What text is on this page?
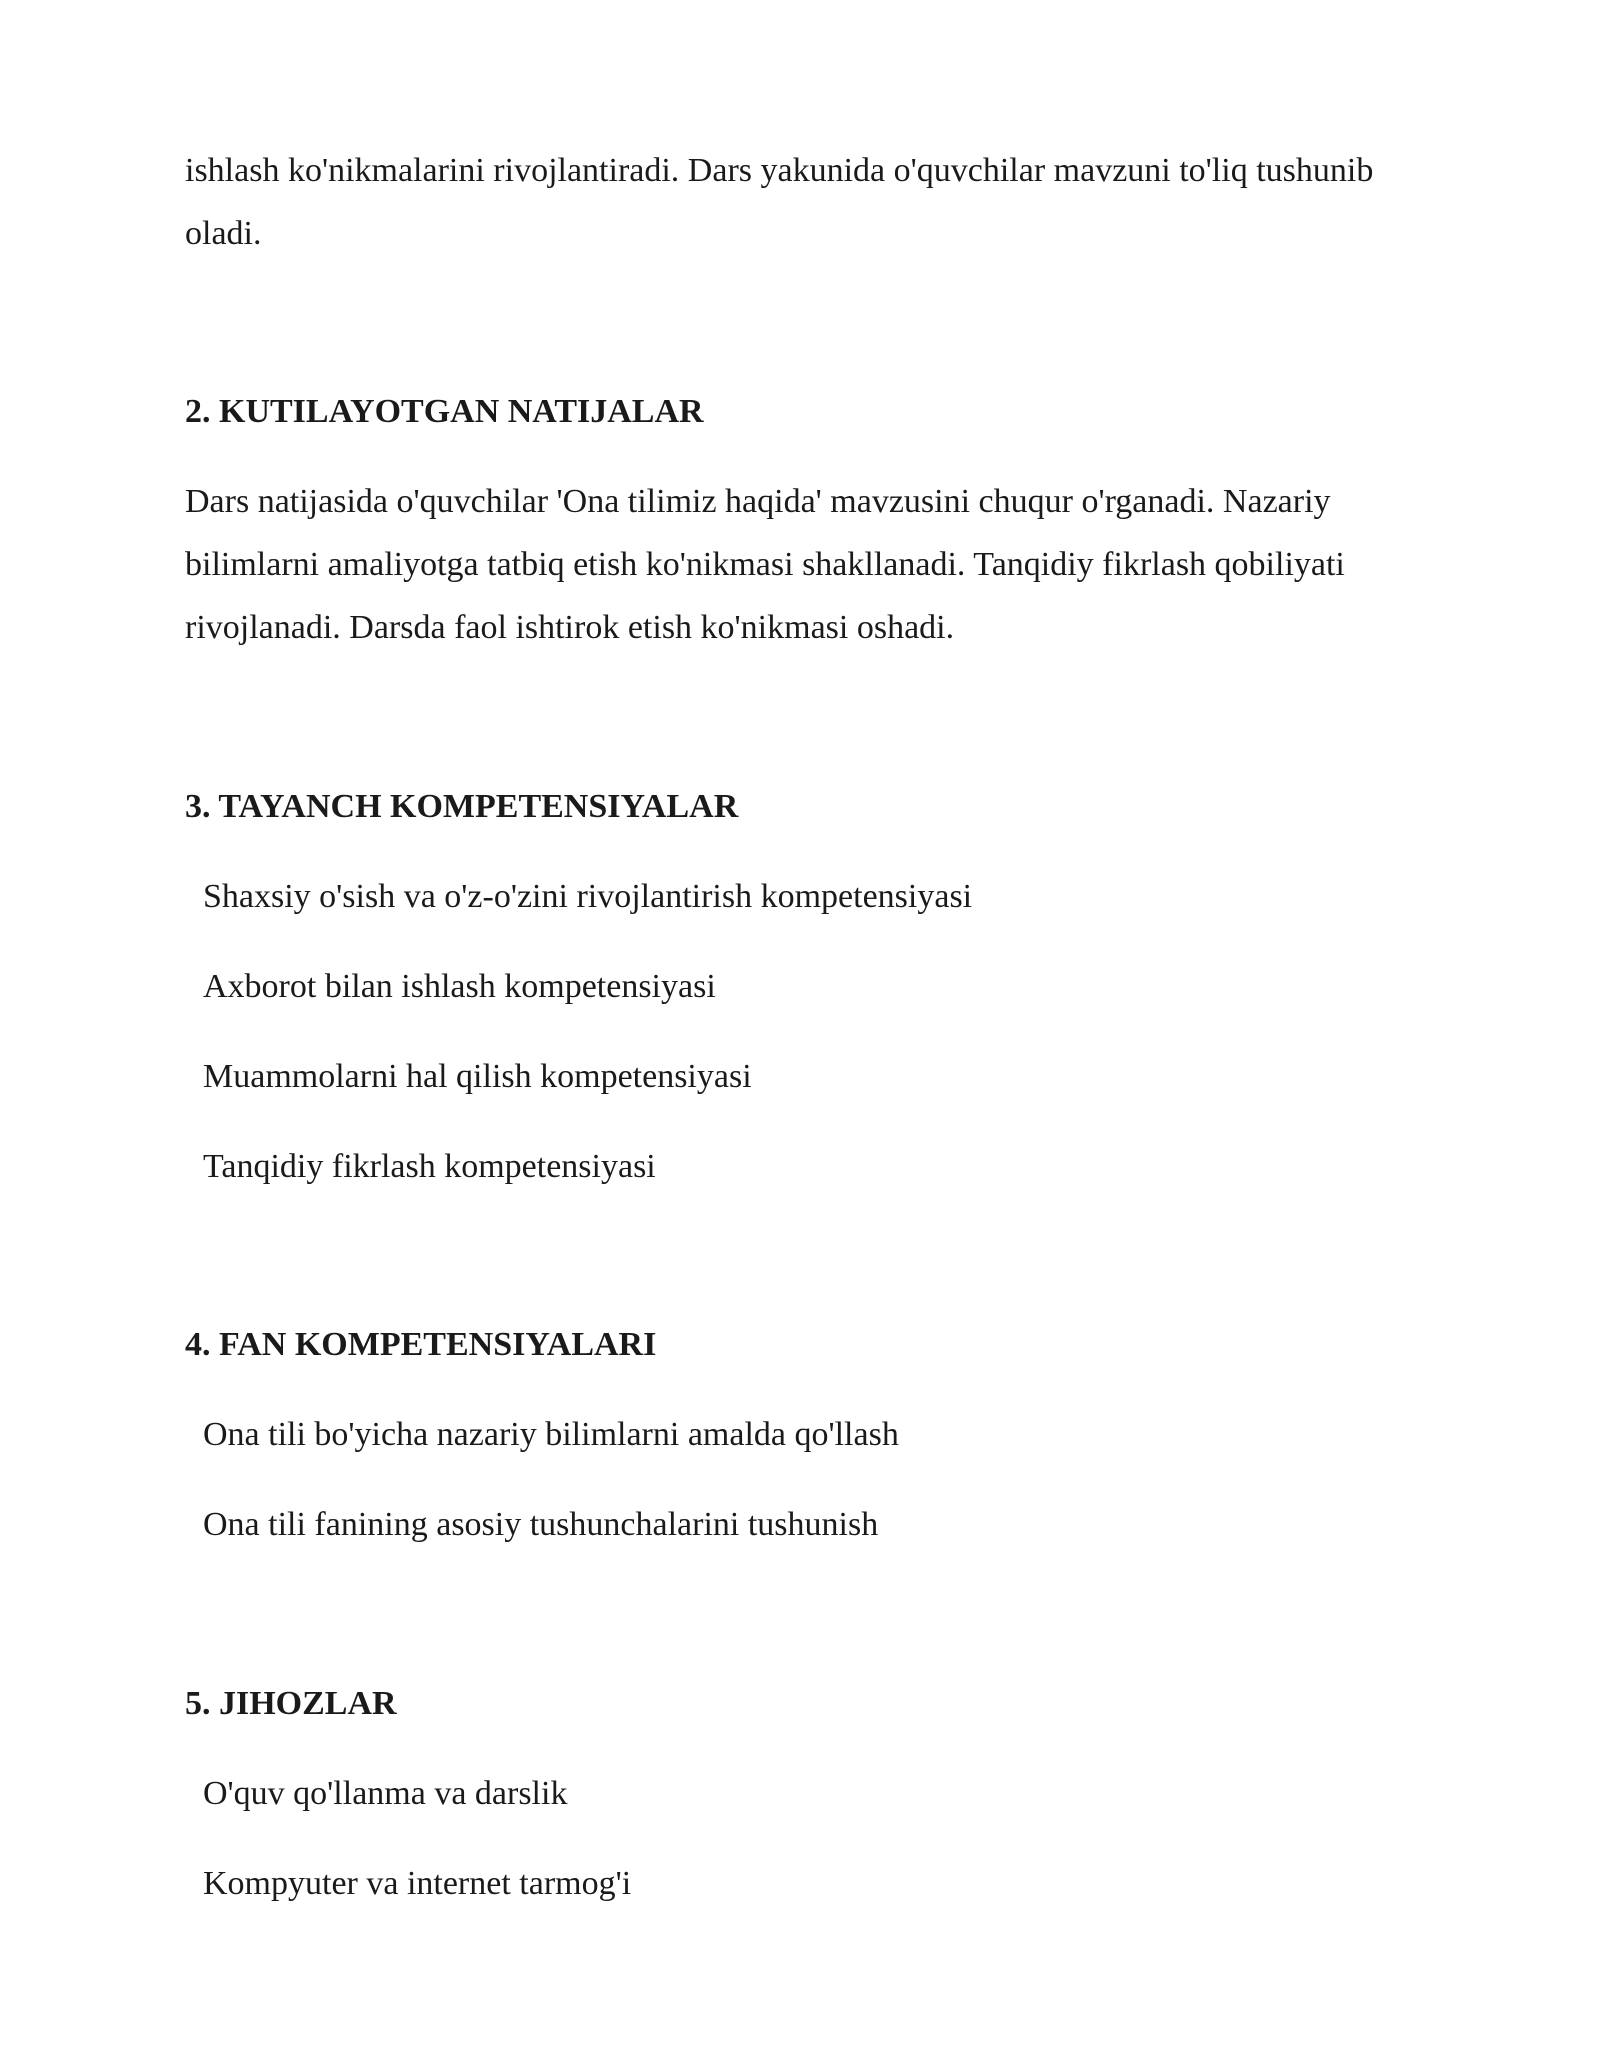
ishlash ko'nikmalarini rivojlantiradi. Dars yakunida o'quvchilar mavzuni to'liq tushunib oladi.

2. KUTILAYOTGAN NATIJALAR

Dars natijasida o'quvchilar 'Ona tilimiz haqida' mavzusini chuqur o'rganadi. Nazariy bilimlarni amaliyotga tatbiq etish ko'nikmasi shakllanadi. Tanqidiy fikrlash qobiliyati rivojlanadi. Darsda faol ishtirok etish ko'nikmasi oshadi.

3. TAYANCH KOMPETENSIYALAR

Shaxsiy o'sish va o'z-o'zini rivojlantirish kompetensiyasi

Axborot bilan ishlash kompetensiyasi

Muammolarni hal qilish kompetensiyasi

Tanqidiy fikrlash kompetensiyasi

4. FAN KOMPETENSIYALARI

Ona tili bo'yicha nazariy bilimlarni amalda qo'llash

Ona tili fanining asosiy tushunchalarini tushunish

5. JIHOZLAR

O'quv qo'llanma va darslik

Kompyuter va internet tarmog'i
